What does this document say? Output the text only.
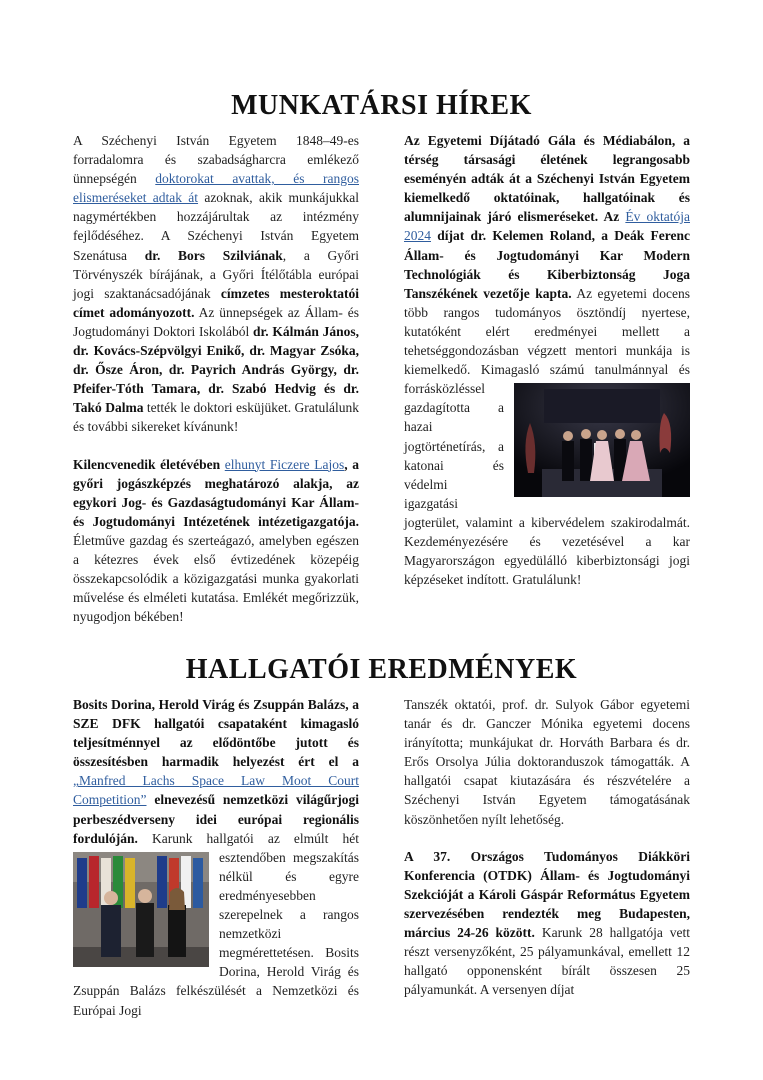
MUNKATÁRSI HÍREK

A Széchenyi István Egyetem 1848–49-es forradalomra és szabadságharcra emlékező ünnepségén doktorokat avattak, és rangos elismeréseket adtak át azoknak, akik munkájukkal nagymértékben hozzájárultak az intézmény fejlődéséhez. A Széchenyi István Egyetem Szenátusa dr. Bors Szilviának, a Győri Törvényszék bírájának, a Győri Ítélőtábla európai jogi szaktanácsadójának címzetes mesteroktatói címet adományozott. Az ünnepségek az Állam- és Jogtudományi Doktori Iskolából dr. Kálmán János, dr. Kovács-Szépvölgyi Enikő, dr. Magyar Zsóka, dr. Ősze Áron, dr. Payrich András György, dr. Pfeifer-Tóth Tamara, dr. Szabó Hedvig és dr. Takó Dalma tették le doktori esküjüket. Gratulálunk és további sikereket kívánunk!

Kilencvenedik életévében elhunyt Ficzere Lajos, a győri jogászképzés meghatározó alakja, az egykori Jog- és Gazdaságtudományi Kar Állam- és Jogtudományi Intézetének intézetigazgatója. Életműve gazdag és szerteágazó, amelyben egészen a kétezres évek első évtizedének közepéig összekapcsolódik a közigazgatási munka gyakorlati művelése és elméleti kutatása. Emlékét megőrizzük, nyugodjon békében!

Az Egyetemi Díjátadó Gála és Médiabálon, a térség társasági életének legrangosabb eseményén adták át a Széchenyi István Egyetem kiemelkedő oktatóinak, hallgatóinak és alumnijainak járó elismeréseket. Az Év oktatója 2024 díjat dr. Kelemen Roland, a Deák Ferenc Állam- és Jogtudományi Kar Modern Technológiák és Kiberbiztonság Joga Tanszékének vezetője kapta. Az egyetemi docens több rangos tudományos ösztöndíj nyertese, kutatóként elért eredményei mellett a tehetséggondozásban végzett mentori munkája is kiemelkedő. Kimagasló számú tanulmánnyal
és forrásközléssel gazdagította a hazai jogtörténetírás, a katonai és védelmi igazgatási jogterület, valamint a kibervédelem szakirodalmát. Kezdeményezésére és vezetésével a kar Magyarországon egyedülálló kiberbiztonsági jogi képzéseket indított. Gratulálunk!

HALLGATÓI EREDMÉNYEK

Bosits Dorina, Herold Virág és Zsuppán Balázs, a SZE DFK hallgatói csapataként kimagasló teljesítménnyel az elődöntőbe jutott és összesítésben harmadik helyezést ért el a „Manfred Lachs Space Law Moot Court Competition” elnevezésű nemzetközi világűrjogi perbeszédverseny idei európai regionális fordulóján. Karunk hallgatói az elmúlt hét
esztendőben megszakítás nélkül és egyre eredményesebben szerepelnek a rangos nemzetközi megmérettetésen. Bosits Dorina, Herold Virág és Zsuppán Balázs felkészülését a Nemzetközi és Európai Jogi

Tanszék oktatói, prof. dr. Sulyok Gábor egyetemi tanár és dr. Ganczer Mónika egyetemi docens irányította; munkájukat dr. Horváth Barbara és dr. Erős Orsolya Júlia doktoranduszok támogatták. A hallgatói csapat kiutazására és részvételére a Széchenyi István Egyetem támogatásának köszönhetően nyílt lehetőség.

A 37. Országos Tudományos Diákköri Konferencia (OTDK) Állam- és Jogtudományi Szekcióját a Károli Gáspár Református Egyetem szervezésében rendezték meg Budapesten, március 24-26 között. Karunk 28 hallgatója vett részt versenyzőként, 25 pályamunkával, emellett 12 hallgató opponensként bírált összesen 25 pályamunkát. A versenyen díjat
